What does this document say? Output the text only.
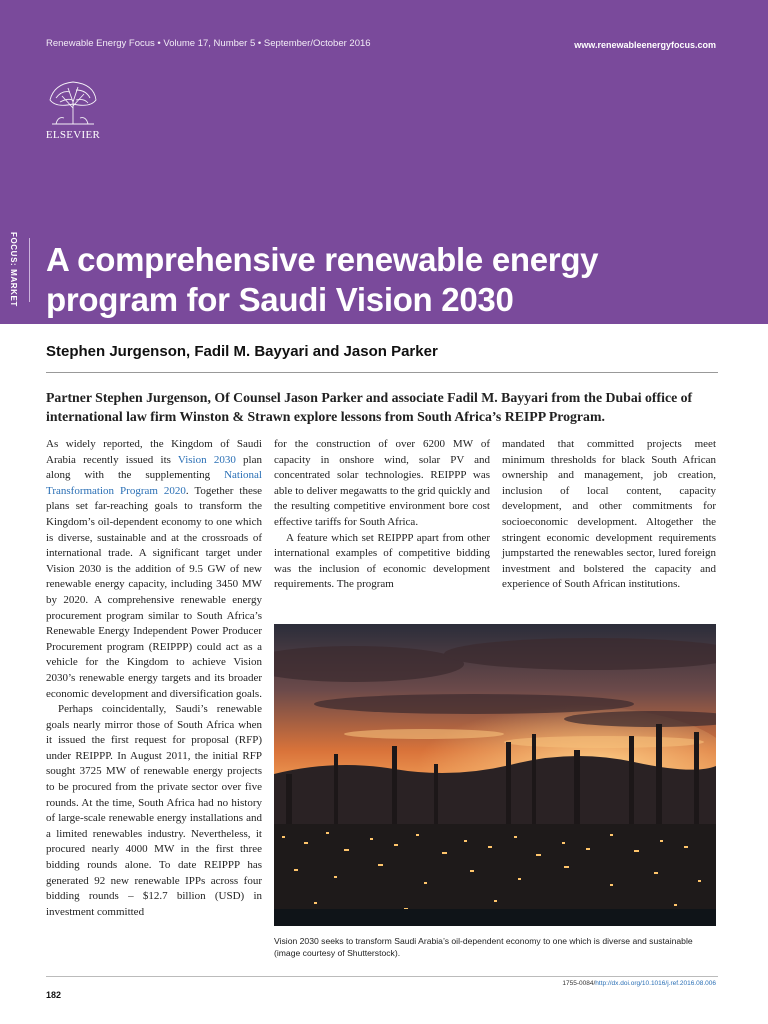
Renewable Energy Focus • Volume 17, Number 5 • September/October 2016	www.renewableenergyfocus.com
ELSEVIER
FOCUS: MARKET A comprehensive renewable energy
program for Saudi Vision 2030

Stephen Jurgenson, Fadil M. Bayyari and Jason Parker

Partner Stephen Jurgenson, Of Counsel Jason Parker and associate Fadil M. Bayyari from the Dubai office of international law firm Winston & Strawn explore lessons from South Africa’s REIPP Program.

As widely reported, the Kingdom of Saudi Arabia recently issued its Vision 2030 plan along with the supplementing National Transformation Program 2020. Together these plans set far-reaching goals to transform the Kingdom’s oil-dependent economy to one which is diverse, sustainable and at the crossroads of international trade. A significant target under Vision 2030 is the addition of 9.5 GW of new renewable energy capacity, including 3450 MW by 2020. A comprehensive renewable energy procurement program similar to South Africa’s Renewable Energy Independent Power Producer Procurement program (REIPPP) could act as a vehicle for the Kingdom to achieve Vision 2030’s renewable energy targets and its broader economic development and diversification goals.

Perhaps coincidentally, Saudi’s renewable goals nearly mirror those of South Africa when it issued the first request for proposal (RFP) under REIPPP. In August 2011, the initial RFP sought 3725 MW of renewable energy projects to be procured from the private sector over five rounds. At the time, South Africa had no history of large-scale renewable energy installations and a limited renewables industry. Nevertheless, it procured nearly 4000 MW in the first three bidding rounds alone. To date REIPPP has generated 92 new renewable IPPs across four bidding rounds – $12.7 billion (USD) in investment committed

for the construction of over 6200 MW of capacity in onshore wind, solar PV and concentrated solar technologies. REIPPP was able to deliver megawatts to the grid quickly and the resulting competitive environment bore cost effective tariffs for South Africa.

A feature which set REIPPP apart from other international examples of competitive bidding was the inclusion of economic development requirements. The program

mandated that committed projects meet minimum thresholds for black South African ownership and management, job creation, inclusion of local content, capacity development, and other commitments for socioeconomic development. Altogether the stringent economic development requirements jumpstarted the renewables sector, lured foreign investment and bolstered the capacity and experience of South African institutions.

Vision 2030 seeks to transform Saudi Arabia’s oil-dependent economy to one which is diverse and sustainable (image courtesy of Shutterstock).
1755-0084/http://dx.doi.org/10.1016/j.ref.2016.08.006
182
